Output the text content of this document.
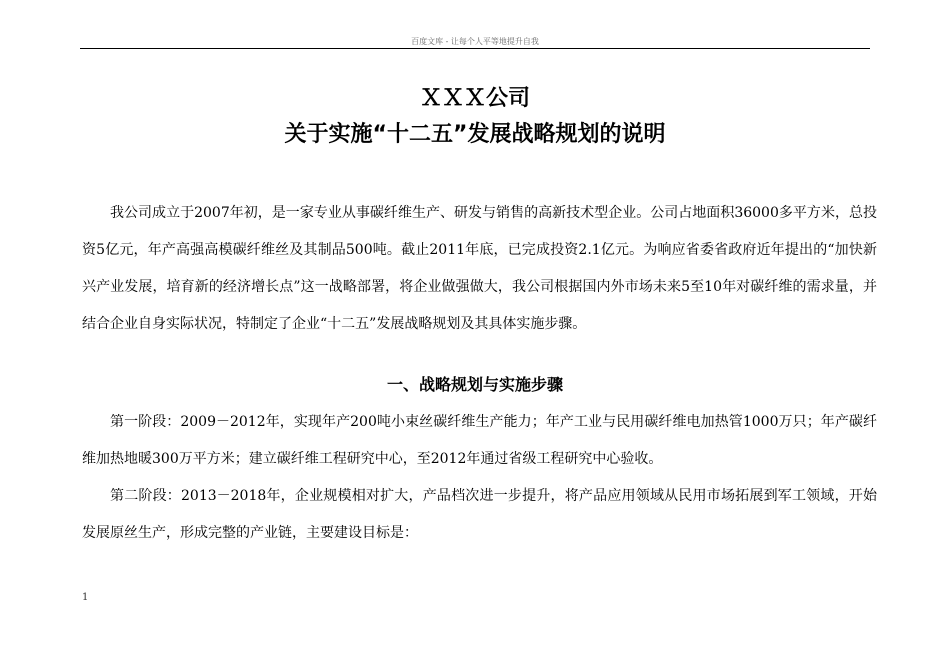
百度文库 - 让每个人平等地提升自我
ＸＸＸ公司
关于实施“十二五”发展战略规划的说明

我公司成立于2007年初，是一家专业从事碳纤维生产、研发与销售的高新技术型企业。公司占地面积36000多平方米，总投资5亿元，年产高强高模碳纤维丝及其制品500吨。截止2011年底，已完成投资2.1亿元。为响应省委省政府近年提出的“加快新兴产业发展，培育新的经济增长点”这一战略部署，将企业做强做大，我公司根据国内外市场未来5至10年对碳纤维的需求量，并结合企业自身实际状况，特制定了企业“十二五”发展战略规划及其具体实施步骤。

一、战略规划与实施步骤

第一阶段：2009－2012年，实现年产200吨小束丝碳纤维生产能力；年产工业与民用碳纤维电加热管1000万只；年产碳纤维加热地暖300万平方米；建立碳纤维工程研究中心，至2012年通过省级工程研究中心验收。

第二阶段：2013－2018年，企业规模相对扩大，产品档次进一步提升，将产品应用领域从民用市场拓展到军工领域，开始发展原丝生产，形成完整的产业链，主要建设目标是：

1
